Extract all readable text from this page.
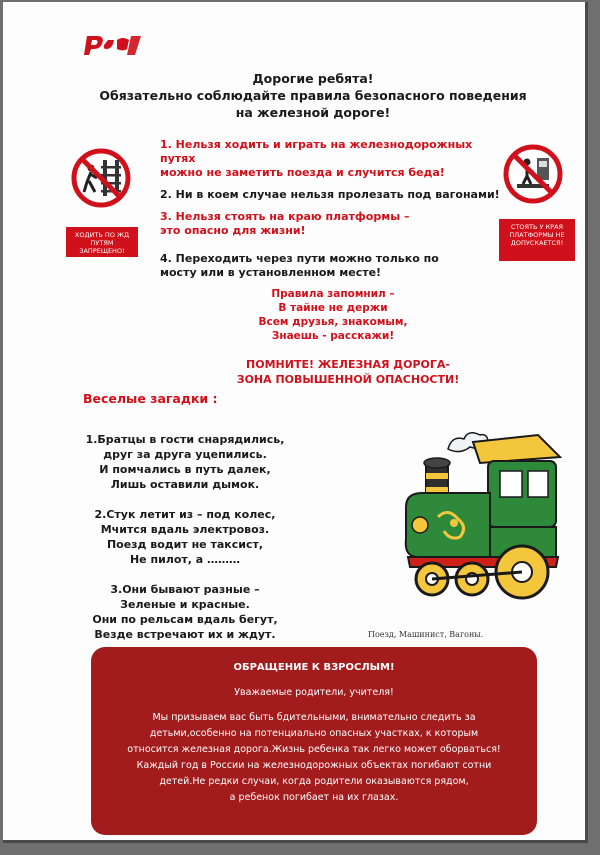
Дорогие ребята!
Обязательно соблюдайте правила безопасного поведения
на железной дороге!
ХОДИТЬ ПО ЖД ПУТЯМ ЗАПРЕЩЕНО!
СТОЯТЬ У КРАЯ ПЛАТФОРМЫ НЕ ДОПУСКАЕТСЯ!
1. Нельзя ходить и играть на железнодорожных путях
можно не заметить поезда и случится беда!
2. Ни в коем случае нельзя пролезать под вагонами!
3. Нельзя стоять на краю платформы –
это опасно для жизни!
4. Переходить через пути можно только по
мосту или в установленном месте!
Правила запомнил –
В тайне не держи
Всем друзья, знакомым,
Знаешь - расскажи!
ПОМНИТЕ! ЖЕЛЕЗНАЯ ДОРОГА-
ЗОНА ПОВЫШЕННОЙ ОПАСНОСТИ!
Веселые загадки :
1.Братцы в гости снарядились,
друг за друга уцепились.
И помчались в путь далек,
Лишь оставили дымок.
2.Стук летит из – под колес,
Мчится вдаль электровоз.
Поезд водит не таксист,
Не пилот, а ………
3.Они бывают разные –
Зеленые и красные.
Они по рельсам вдаль бегут,
Везде встречают их и ждут.	Поезд, Машинист, Вагоны.
ОБРАЩЕНИЕ К ВЗРОСЛЫМ!
Уважаемые родители, учителя!
Мы призываем вас быть бдительными, внимательно следить за
детьми,особенно на потенциально опасных участках, к которым
относится железная дорога.Жизнь ребенка так легко может оборваться!
Каждый год в России на железнодорожных объектах погибают сотни
детей.Не редки случаи, когда родители оказываются рядом,
а ребенок погибает на их глазах.
